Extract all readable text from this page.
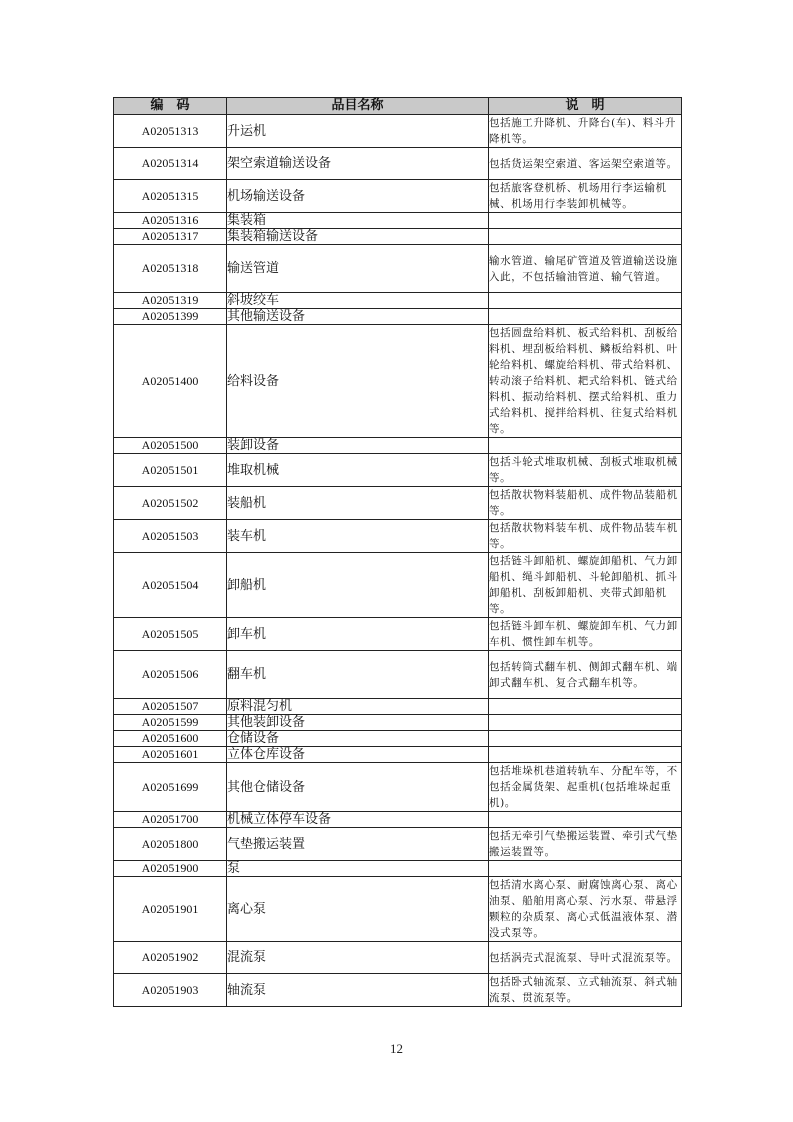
编　码	品目名称	说　明
A02051313	升运机	包括施工升降机、升降台(车)、料斗升降机等。
A02051314	架空索道输送设备	包括货运架空索道、客运架空索道等。
A02051315	机场输送设备	包括旅客登机桥、机场用行李运输机械、机场用行李装卸机械等。
A02051316	集装箱	
A02051317	集装箱输送设备	
A02051318	输送管道	输水管道、输尾矿管道及管道输送设施入此，不包括输油管道、输气管道。
A02051319	斜坡绞车	
A02051399	其他输送设备	
A02051400	给料设备	包括圆盘给料机、板式给料机、刮板给料机、埋刮板给料机、鳞板给料机、叶轮给料机、螺旋给料机、带式给料机、转动滚子给料机、耙式给料机、链式给料机、振动给料机、摆式给料机、重力式给料机、搅拌给料机、往复式给料机等。
A02051500	装卸设备	
A02051501	堆取机械	包括斗轮式堆取机械、刮板式堆取机械等。
A02051502	装船机	包括散状物料装船机、成件物品装船机等。
A02051503	装车机	包括散状物料装车机、成件物品装车机等。
A02051504	卸船机	包括链斗卸船机、螺旋卸船机、气力卸船机、绳斗卸船机、斗轮卸船机、抓斗卸船机、刮板卸船机、夹带式卸船机等。
A02051505	卸车机	包括链斗卸车机、螺旋卸车机、气力卸车机、惯性卸车机等。
A02051506	翻车机	包括转筒式翻车机、侧卸式翻车机、端卸式翻车机、复合式翻车机等。
A02051507	原料混匀机	
A02051599	其他装卸设备	
A02051600	仓储设备	
A02051601	立体仓库设备	
A02051699	其他仓储设备	包括堆垛机巷道转轨车、分配车等，不包括金属货架、起重机(包括堆垛起重机)。
A02051700	机械立体停车设备	
A02051800	气垫搬运装置	包括无牵引气垫搬运装置、牵引式气垫搬运装置等。
A02051900	泵	
A02051901	离心泵	包括清水离心泵、耐腐蚀离心泵、离心油泵、船舶用离心泵、污水泵、带悬浮颗粒的杂质泵、离心式低温液体泵、潜没式泵等。
A02051902	混流泵	包括涡壳式混流泵、导叶式混流泵等。
A02051903	轴流泵	包括卧式轴流泵、立式轴流泵、斜式轴流泵、贯流泵等。
12
